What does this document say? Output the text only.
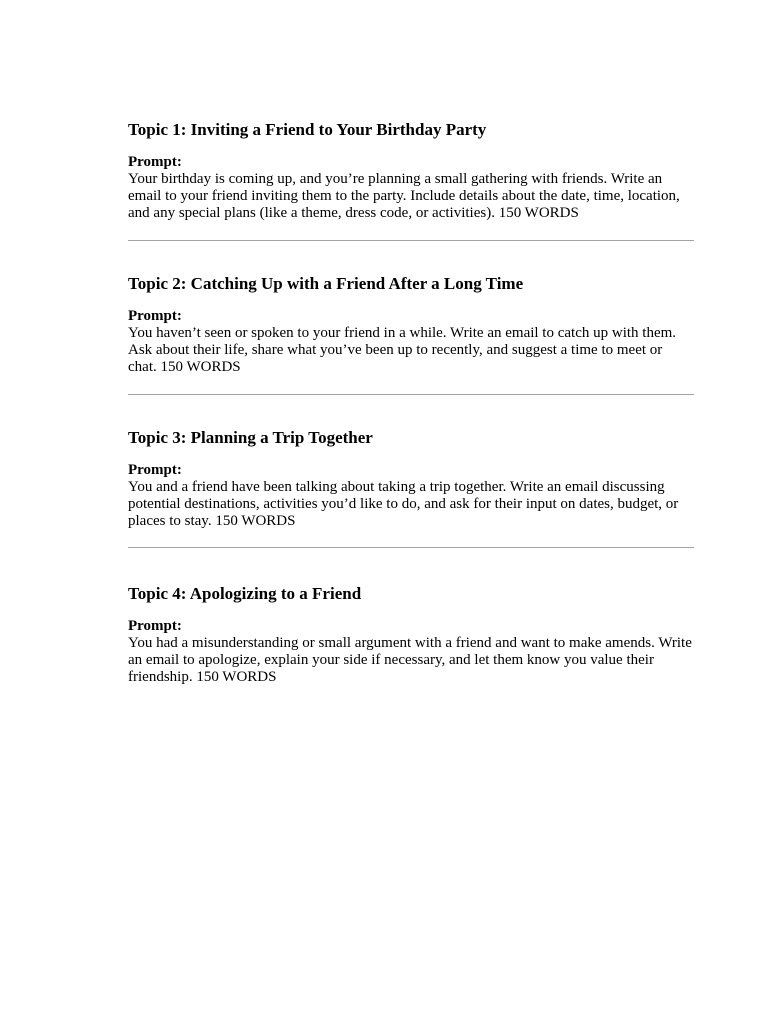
Topic 1: Inviting a Friend to Your Birthday Party
Prompt:

Your birthday is coming up, and you’re planning a small gathering with friends. Write an email to your friend inviting them to the party. Include details about the date, time, location, and any special plans (like a theme, dress code, or activities). 150 WORDS

Topic 2: Catching Up with a Friend After a Long Time
Prompt:

You haven’t seen or spoken to your friend in a while. Write an email to catch up with them. Ask about their life, share what you’ve been up to recently, and suggest a time to meet or chat. 150 WORDS

Topic 3: Planning a Trip Together
Prompt:

You and a friend have been talking about taking a trip together. Write an email discussing potential destinations, activities you’d like to do, and ask for their input on dates, budget, or places to stay. 150 WORDS

Topic 4: Apologizing to a Friend
Prompt:

You had a misunderstanding or small argument with a friend and want to make amends. Write an email to apologize, explain your side if necessary, and let them know you value their friendship. 150 WORDS
